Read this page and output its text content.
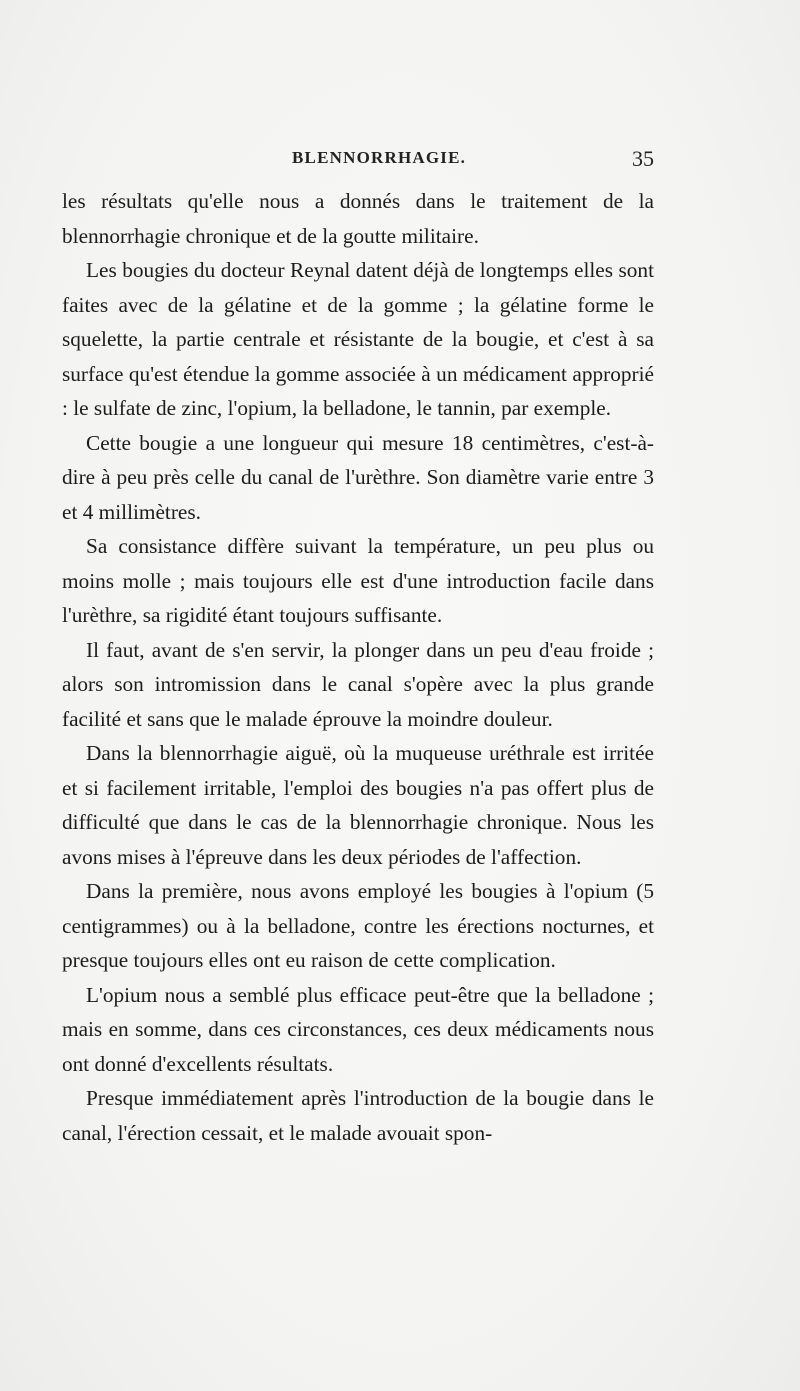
BLENNORRHAGIE.	35

les résultats qu'elle nous a donnés dans le traitement de la blennorrhagie chronique et de la goutte militaire.

Les bougies du docteur Reynal datent déjà de longtemps elles sont faites avec de la gélatine et de la gomme ; la gélatine forme le squelette, la partie centrale et résistante de la bougie, et c'est à sa surface qu'est étendue la gomme associée à un médicament approprié : le sulfate de zinc, l'opium, la belladone, le tannin, par exemple.

Cette bougie a une longueur qui mesure 18 centimètres, c'est-à-dire à peu près celle du canal de l'urèthre. Son diamètre varie entre 3 et 4 millimètres.

Sa consistance diffère suivant la température, un peu plus ou moins molle ; mais toujours elle est d'une introduction facile dans l'urèthre, sa rigidité étant toujours suffisante.

Il faut, avant de s'en servir, la plonger dans un peu d'eau froide ; alors son intromission dans le canal s'opère avec la plus grande facilité et sans que le malade éprouve la moindre douleur.

Dans la blennorrhagie aiguë, où la muqueuse uréthrale est irritée et si facilement irritable, l'emploi des bougies n'a pas offert plus de difficulté que dans le cas de la blennorrhagie chronique. Nous les avons mises à l'épreuve dans les deux périodes de l'affection.

Dans la première, nous avons employé les bougies à l'opium (5 centigrammes) ou à la belladone, contre les érections nocturnes, et presque toujours elles ont eu raison de cette complication.

L'opium nous a semblé plus efficace peut-être que la belladone ; mais en somme, dans ces circonstances, ces deux médicaments nous ont donné d'excellents résultats.

Presque immédiatement après l'introduction de la bougie dans le canal, l'érection cessait, et le malade avouait spon-
